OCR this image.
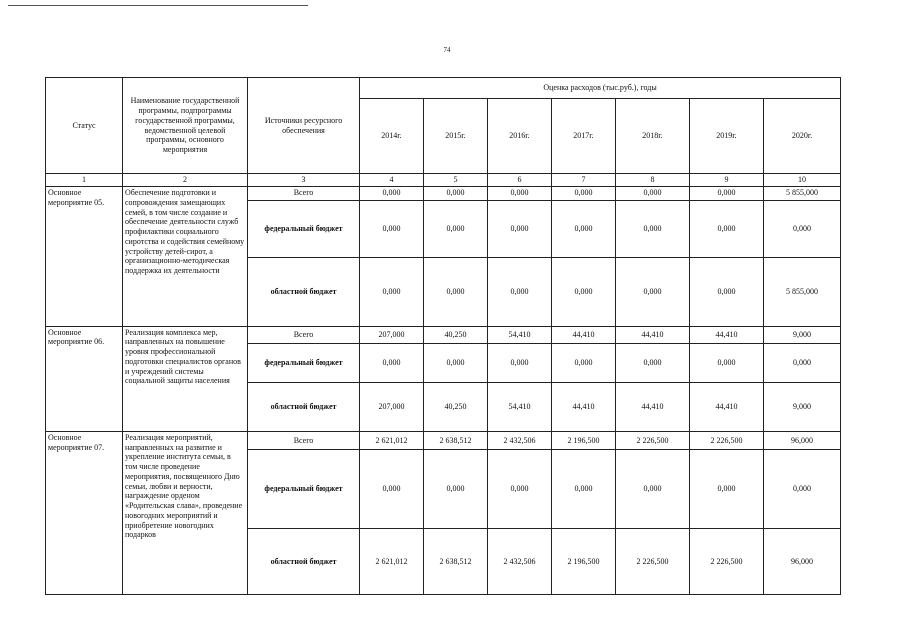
74
Статус	Наименование государственной программы, подпрограммы государственной программы, ведомственной целевой программы, основного мероприятия	Источники ресурсного обеспечения	Оценка расходов (тыс.руб.), годы						
			2014г.	2015г.	2016г.	2017г.	2018г.	2019г.	2020г.
1	2	3	4	5	6	7	8	9	10
Основное мероприятие 05.	Обеспечение подготовки и сопровождения замещающих семей, в том числе создание и обеспечение деятельности служб профилактики социального сиротства и содействия семейному устройству детей-сирот, а организационно-методическая поддержка их деятельности	Всего	0,000	0,000	0,000	0,000	0,000	0,000	5 855,000
		федеральный бюджет	0,000	0,000	0,000	0,000	0,000	0,000	0,000
		областной бюджет	0,000	0,000	0,000	0,000	0,000	0,000	5 855,000
Основное мероприятие 06.	Реализация комплекса мер, направленных на повышение уровня профессиональной подготовки специалистов органов и учреждений системы социальной защиты населения	Всего	207,000	40,250	54,410	44,410	44,410	44,410	9,000
		федеральный бюджет	0,000	0,000	0,000	0,000	0,000	0,000	0,000
		областной бюджет	207,000	40,250	54,410	44,410	44,410	44,410	9,000
Основное мероприятие 07.	Реализация мероприятий, направленных на развитие и укрепление института семьи, в том числе проведение мероприятия, посвященного Дню семьи, любви и верности, награждение орденом «Родительская слава», проведение новогодних мероприятий и приобретение новогодних подарков	Всего	2 621,012	2 638,512	2 432,506	2 196,500	2 226,500	2 226,500	96,000
		федеральный бюджет	0,000	0,000	0,000	0,000	0,000	0,000	0,000
		областной бюджет	2 621,012	2 638,512	2 432,506	2 196,500	2 226,500	2 226,500	96,000
